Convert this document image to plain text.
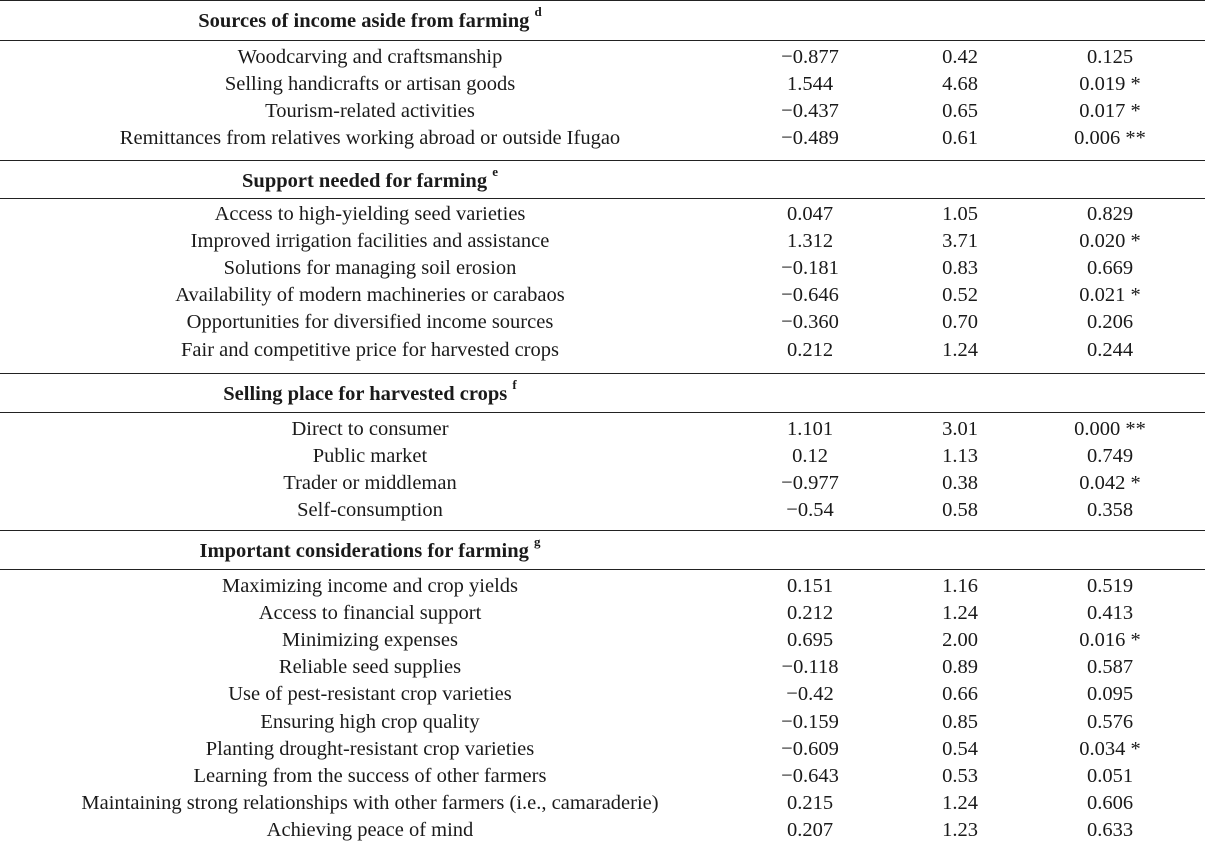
Sources of income aside from farming $^d$
Woodcarving and craftsmanship	−0.877	0.42	0.125
Selling handicrafts or artisan goods	1.544	4.68	0.019 *
Tourism-related activities	−0.437	0.65	0.017 *
Remittances from relatives working abroad or outside Ifugao	−0.489	0.61	0.006 **
Support needed for farming $^e$
Access to high-yielding seed varieties	0.047	1.05	0.829
Improved irrigation facilities and assistance	1.312	3.71	0.020 *
Solutions for managing soil erosion	−0.181	0.83	0.669
Availability of modern machineries or carabaos	−0.646	0.52	0.021 *
Opportunities for diversified income sources	−0.360	0.70	0.206
Fair and competitive price for harvested crops	0.212	1.24	0.244
Selling place for harvested crops $^f$
Direct to consumer	1.101	3.01	0.000 **
Public market	0.12	1.13	0.749
Trader or middleman	−0.977	0.38	0.042 *
Self-consumption	−0.54	0.58	0.358
Important considerations for farming $^g$
Maximizing income and crop yields	0.151	1.16	0.519
Access to financial support	0.212	1.24	0.413
Minimizing expenses	0.695	2.00	0.016 *
Reliable seed supplies	−0.118	0.89	0.587
Use of pest-resistant crop varieties	−0.42	0.66	0.095
Ensuring high crop quality	−0.159	0.85	0.576
Planting drought-resistant crop varieties	−0.609	0.54	0.034 *
Learning from the success of other farmers	−0.643	0.53	0.051
Maintaining strong relationships with other farmers (i.e., camaraderie)	0.215	1.24	0.606
Achieving peace of mind	0.207	1.23	0.633
